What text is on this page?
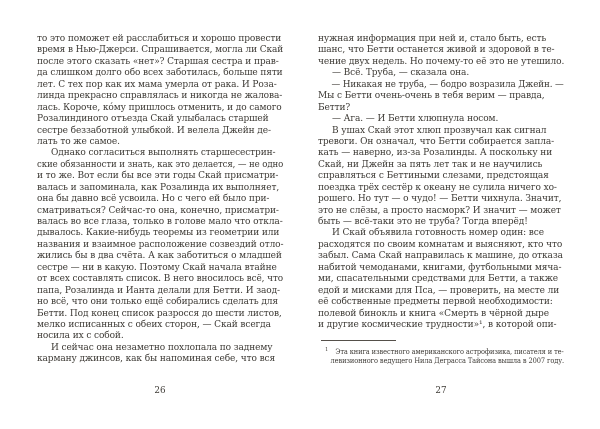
то это поможет ей расслабиться и хорошо провести
время в Нью-Джерси. Спрашивается, могла ли Скай
после этого сказать «нет»? Старшая сестра и прав-
да слишком долго обо всех заботилась, больше пяти
лет. С тех пор как их мама умерла от рака. И Роза-
линда прекрасно справлялась и никогда не жалова-
лась. Короче, ко́му пришлось отменить, и до самого
Розалиндиного отъезда Скай улыбалась старшей
сестре беззаботной улыбкой. И велела Джейн де-
лать то же самое.
Однако согласиться выполнять старшесестрин-
ские обязанности и знать, как это делается, — не одно
и то же. Вот если бы все эти годы Скай присматри-
валась и запоминала, как Розалинда их выполняет,
она бы давно всё усвоила. Но с чего ей было при-
сматриваться? Сейчас-то она, конечно, присматри-
валась во все глаза, только в голове мало что откла-
дывалось. Какие-нибудь теоремы из геометрии или
названия и взаимное расположение созвездий отло-
жились бы в два счёта. А как заботиться о младшей
сестре — ни в какую. Поэтому Скай начала втайне
от всех составлять список. В него вносилось всё, что
папа, Розалинда и Ианта делали для Бетти. И заод-
но всё, что они только ещё собирались сделать для
Бетти. Под конец список разросся до шести листов,
мелко исписанных с обеих сторон, — Скай всегда
носила их с собой.
И сейчас она незаметно похлопала по заднему
карману джинсов, как бы напоминая себе, что вся
26
нужная информация при ней и, стало быть, есть
шанс, что Бетти останется живой и здоровой в те-
чение двух недель. Но почему-то её это не утешило.
— Всё. Труба, — сказала она.
— Никакая не труба, — бодро возразила Джейн. —
Мы с Бетти очень-очень в тебя верим — правда,
Бетти?
— Ага. — И Бетти хлюпнула носом.
В ушах Скай этот хлюп прозвучал как сигнал
тревоги. Он означал, что Бетти собирается запла-
кать — наверно, из-за Розалинды. А поскольку ни
Скай, ни Джейн за пять лет так и не научились
справляться с Беттиными слезами, предстоящая
поездка трёх сестёр к океану не сулила ничего хо-
рошего. Но тут — о чудо! — Бетти чихнула. Значит,
это не слёзы, а просто насморк? И значит — может
быть — всё-таки это не труба? Тогда вперёд!
И Скай объявила готовность номер один: все
расходятся по своим комнатам и выясняют, кто что
забыл. Сама Скай направилась к машине, до отказа
набитой чемоданами, книгами, футбольными мяча-
ми, спасательными средствами для Бетти, а также
едой и мисками для Пса, — проверить, на месте ли
её собственные предметы первой необходимости:
полевой бинокль и книга «Смерть в чёрной дыре
и другие космические трудности»¹, в которой опи-
$^1$ Эта книга известного американского астрофизика, писателя и те-
левизионного ведущего Нила Деграсса Тайсона вышла в 2007 году.
27
